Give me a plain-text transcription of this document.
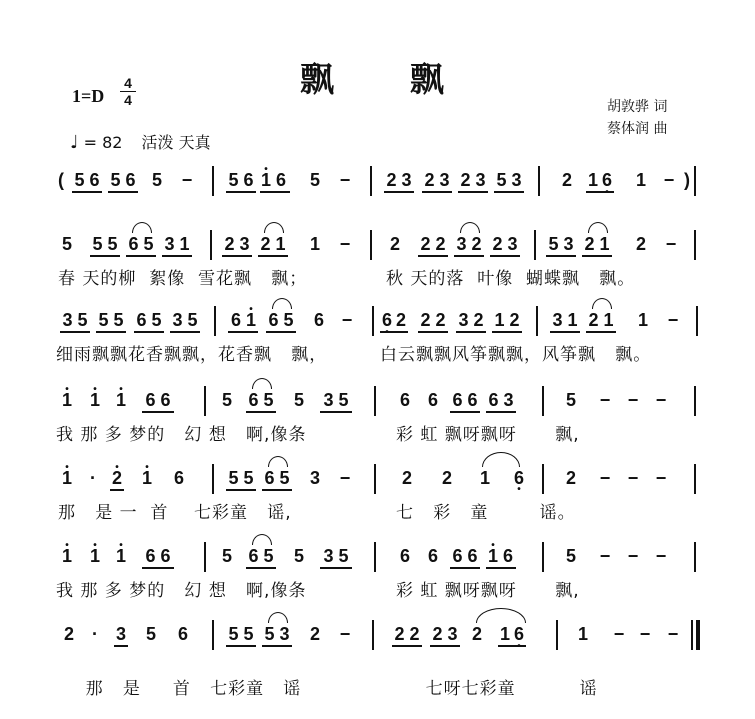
飘 飘
1=D
4
4
♩ = 82 活泼 天真
胡敦骅 词
蔡体润 曲
( 5 6 5 6 5 − 5 6 • 1 6 5 − 2 3 2 3 2 3 5 3 2 1 6 • 1 − )
5 5 5 6 5 3 1 2 3 2 1 1 − 2 2 2 3 2 2 3 5 3 2 1 2 −
春 天的柳  絮像  雪花飘   飘；	秋 天的落  叶像  蝴蝶飘   飘。
3 5 5 5 6 5 3 5 6 • 1 6 5 6 − 6 • 2 2 2 3 2 1 2 3 1 2 1 1 −
细雨飘飘花香飘飘，花香飘   飘，	白云飘飘风筝飘飘，风筝飘   飘。
• 1 • 1 • 1 6 6	5 6 5 5 3 5	6 6 6 6 6 3	5 − − −
我 那 多 梦的   幻 想   啊,像条	彩 虹 飘呀飘呀      飘,
• 1 · • 2 • 1 6 5 5 6 5 3 −	2 2 1 6 • 2 − − −
那   是 一  首    七彩童   谣,	七   彩   童        谣。
• 1 • 1 • 1 6 6	5 6 5 5 3 5	6 6 6 6 • 1 6	5 − − −
我 那 多 梦的   幻 想   啊,像条	彩 虹 飘呀飘呀      飘,
2 · 3 5 6 5 5 5 3 2 − 2 2 2 3 2 1 6 •	1 − − −

那   是     首   七彩童   谣
	七呀七彩童          谣
